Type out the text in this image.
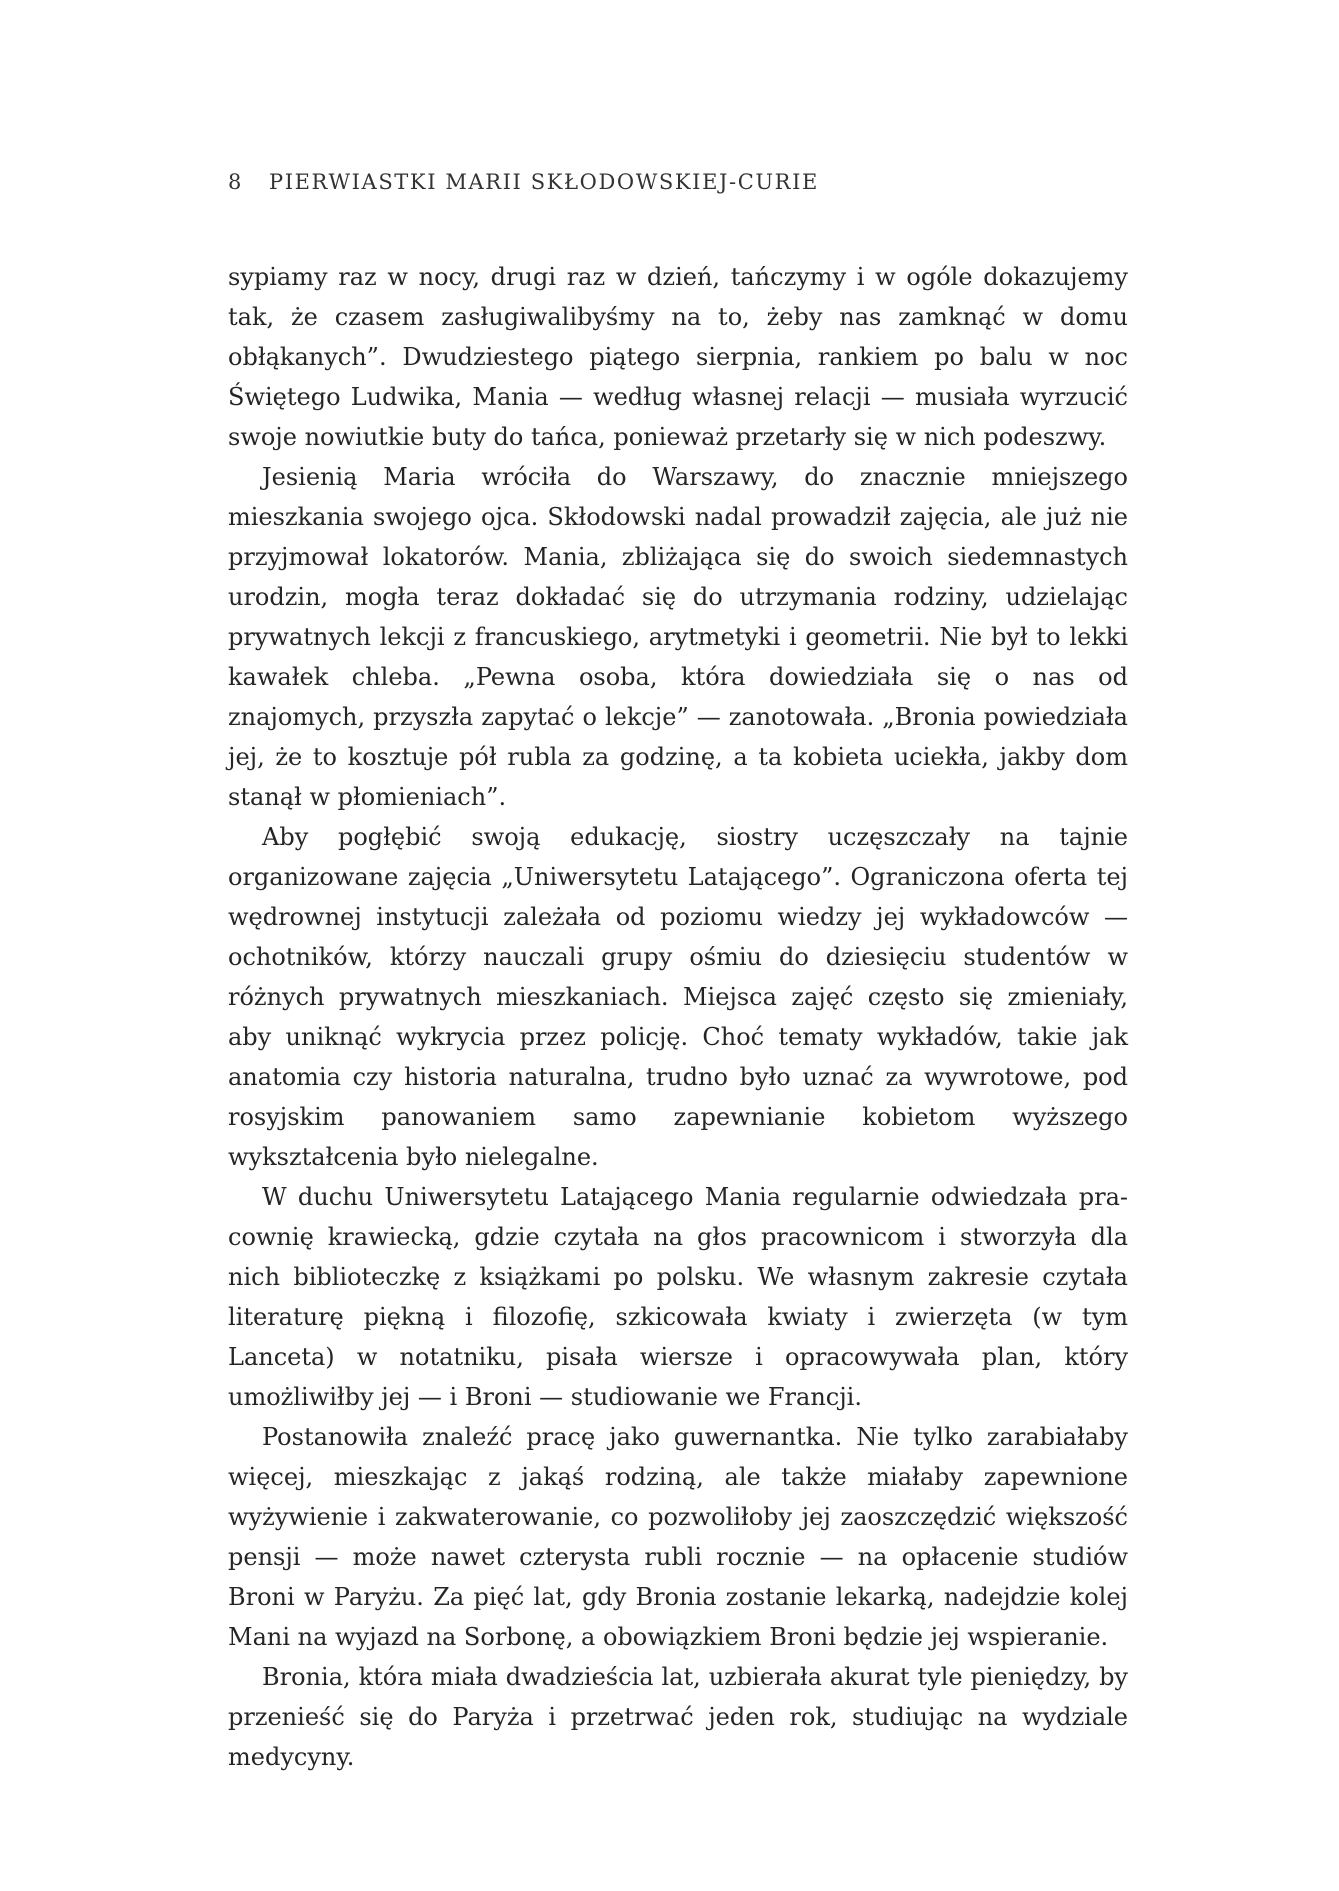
8 PIERWIASTKI MARII SKŁODOWSKIEJ-CURIE

sypiamy raz w nocy, drugi raz w dzień, tańczymy i w ogóle dokazujemy tak, że czasem zasługiwalibyśmy na to, żeby nas zamknąć w domu obłąkanych”. Dwudziestego piątego sierpnia, rankiem po balu w noc Świętego Ludwika, Mania — według własnej relacji — musiała wyrzucić swoje nowiutkie buty do tańca, ponieważ przetarły się w nich podeszwy.

Jesienią Maria wróciła do Warszawy, do znacznie mniejszego mieszkania swojego ojca. Skłodowski nadal prowadził zajęcia, ale już nie przyjmował lokatorów. Mania, zbliżająca się do swoich siedemnastych urodzin, mogła teraz dokładać się do utrzymania rodziny, udzielając prywatnych lekcji z francuskiego, arytmetyki i geometrii. Nie był to lekki kawałek chleba. „Pewna osoba, która dowiedziała się o nas od znajomych, przyszła zapytać o lekcje” — zanotowała. „Bronia powiedziała jej, że to kosztuje pół rubla za godzinę, a ta kobieta uciekła, jakby dom stanął w płomieniach”.

Aby pogłębić swoją edukację, siostry uczęszczały na tajnie organizowane zajęcia „Uniwersytetu Latającego”. Ograniczona oferta tej wędrownej instytucji zależała od poziomu wiedzy jej wykładowców — ochotników, którzy nauczali grupy ośmiu do dziesięciu studentów w różnych prywatnych mieszkaniach. Miejsca zajęć często się zmieniały, aby uniknąć wykrycia przez policję. Choć tematy wykładów, takie jak anatomia czy historia naturalna, trudno było uznać za wywrotowe, pod rosyjskim panowaniem samo zapewnianie kobietom wyższego wykształcenia było nielegalne.

W duchu Uniwersytetu Latającego Mania regularnie odwiedzała pracownię krawiecką, gdzie czytała na głos pracownicom i stworzyła dla nich biblioteczkę z książkami po polsku. We własnym zakresie czytała literaturę piękną i filozofię, szkicowała kwiaty i zwierzęta (w tym Lanceta) w notatniku, pisała wiersze i opracowywała plan, który umożliwiłby jej — i Broni — studiowanie we Francji.

Postanowiła znaleźć pracę jako guwernantka. Nie tylko zarabiałaby więcej, mieszkając z jakąś rodziną, ale także miałaby zapewnione wyżywienie i zakwaterowanie, co pozwoliłoby jej zaoszczędzić większość pensji — może nawet czterysta rubli rocznie — na opłacenie studiów Broni w Paryżu. Za pięć lat, gdy Bronia zostanie lekarką, nadejdzie kolej Mani na wyjazd na Sorbonę, a obowiązkiem Broni będzie jej wspieranie.

Bronia, która miała dwadzieścia lat, uzbierała akurat tyle pieniędzy, by przenieść się do Paryża i przetrwać jeden rok, studiując na wydziale medycyny.
